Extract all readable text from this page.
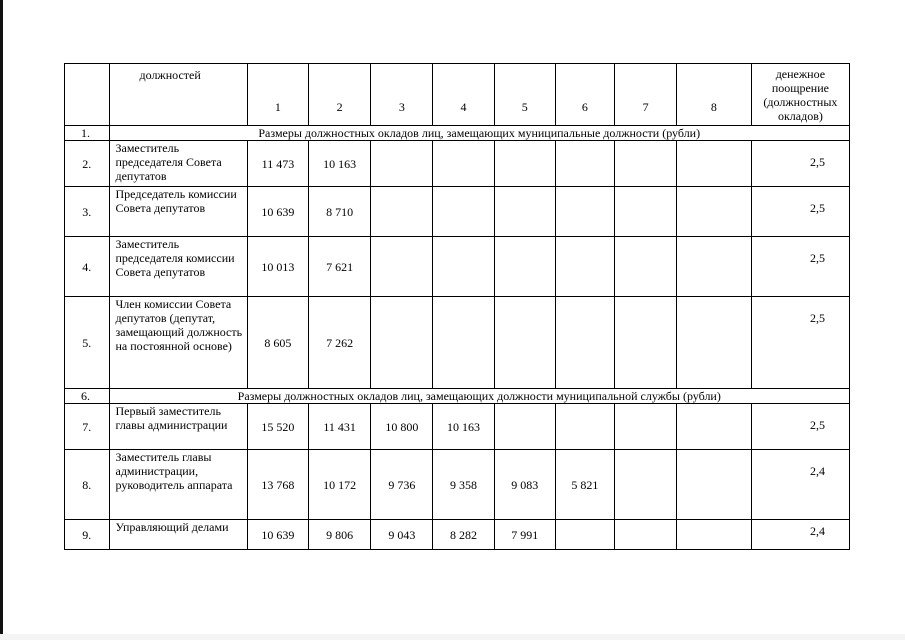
	должностей	1	2	3	4	5	6	7	8	денежное поощрение (должностных окладов)
1.	Размеры должностных окладов лиц, замещающих муниципальные должности (рубли)									
2.	Заместитель председателя Совета депутатов	11 473	10 163							2,5
3.	Председатель комиссии Совета депутатов	10 639	8 710							2,5
4.	Заместитель председателя комиссии Совета депутатов	10 013	7 621							2,5
5.	Член комиссии Совета депутатов (депутат, замещающий должность на постоянной основе)	8 605	7 262							2,5
6.	Размеры должностных окладов лиц, замещающих должности муниципальной службы (рубли)									
7.	Первый заместитель главы администрации	15 520	11 431	10 800	10 163					2,5
8.	Заместитель главы администрации, руководитель аппарата	13 768	10 172	9 736	9 358	9 083	5 821			2,4
9.	Управляющий делами	10 639	9 806	9 043	8 282	7 991				2,4
